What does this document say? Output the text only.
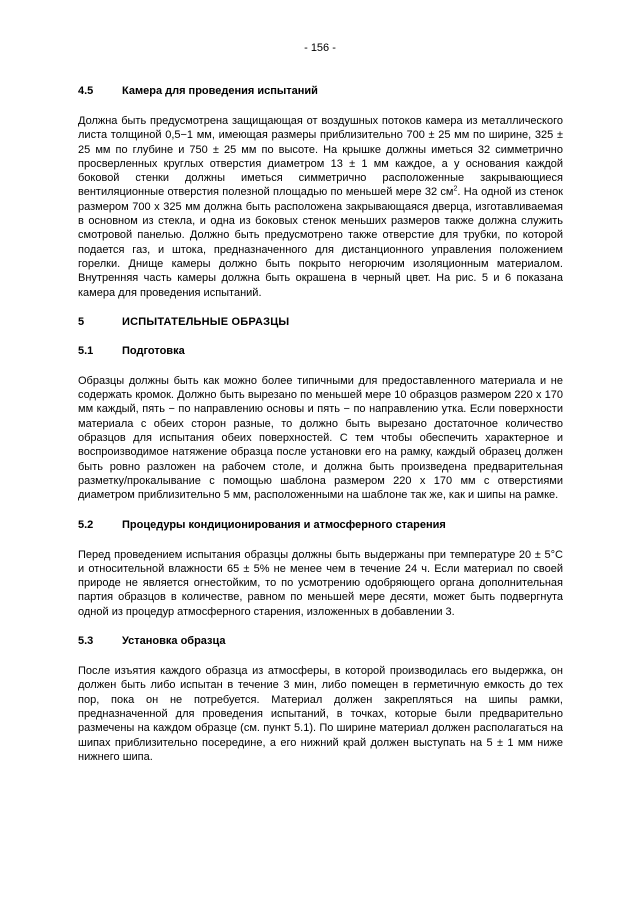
- 156 -
4.5	Камера для проведения испытаний

Должна быть предусмотрена защищающая от воздушных потоков камера из металлического листа толщиной 0,5−1 мм, имеющая размеры приблизительно 700 ± 25 мм по ширине, 325 ± 25 мм по глубине и 750 ± 25 мм по высоте. На крышке должны иметься 32 симметрично просверленных круглых отверстия диаметром 13 ± 1 мм каждое, а у основания каждой боковой стенки должны иметься симметрично расположенные закрывающиеся вентиляционные отверстия полезной площадью по меньшей мере 32 $см^2$. На одной из стенок размером 700 x 325 мм должна быть расположена закрывающаяся дверца, изготавливаемая в основном из стекла, и одна из боковых стенок меньших размеров также должна служить смотровой панелью. Должно быть предусмотрено также отверстие для трубки, по которой подается газ, и штока, предназначенного для дистанционного управления положением горелки. Днище камеры должно быть покрыто негорючим изоляционным материалом. Внутренняя часть камеры должна быть окрашена в черный цвет. На рис. 5 и 6 показана камера для проведения испытаний.

5	ИСПЫТАТЕЛЬНЫЕ ОБРАЗЦЫ
5.1	Подготовка

Образцы должны быть как можно более типичными для предоставленного материала и не содержать кромок. Должно быть вырезано по меньшей мере 10 образцов размером 220 x 170 мм каждый, пять − по направлению основы и пять − по направлению утка. Если поверхности материала с обеих сторон разные, то должно быть вырезано достаточное количество образцов для испытания обеих поверхностей. С тем чтобы обеспечить характерное и воспроизводимое натяжение образца после установки его на рамку, каждый образец должен быть ровно разложен на рабочем столе, и должна быть произведена предварительная разметку/прокалывание с помощью шаблона размером 220 x 170 мм с отверстиями диаметром приблизительно 5 мм, расположенными на шаблоне так же, как и шипы на рамке.

5.2	Процедуры кондиционирования и атмосферного старения

Перед проведением испытания образцы должны быть выдержаны при температуре 20 ± 5°C и относительной влажности 65 ± 5% не менее чем в течение 24 ч. Если материал по своей природе не является огнестойким, то по усмотрению одобряющего органа дополнительная партия образцов в количестве, равном по меньшей мере десяти, может быть подвергнута одной из процедур атмосферного старения, изложенных в добавлении 3.

5.3	Установка образца

После изъятия каждого образца из атмосферы, в которой производилась его выдержка, он должен быть либо испытан в течение 3 мин, либо помещен в герметичную емкость до тех пор, пока он не потребуется. Материал должен закрепляться на шипы рамки, предназначенной для проведения испытаний, в точках, которые были предварительно размечены на каждом образце (см. пункт 5.1). По ширине материал должен располагаться на шипах приблизительно посередине, а его нижний край должен выступать на 5 ± 1 мм ниже нижнего шипа.
